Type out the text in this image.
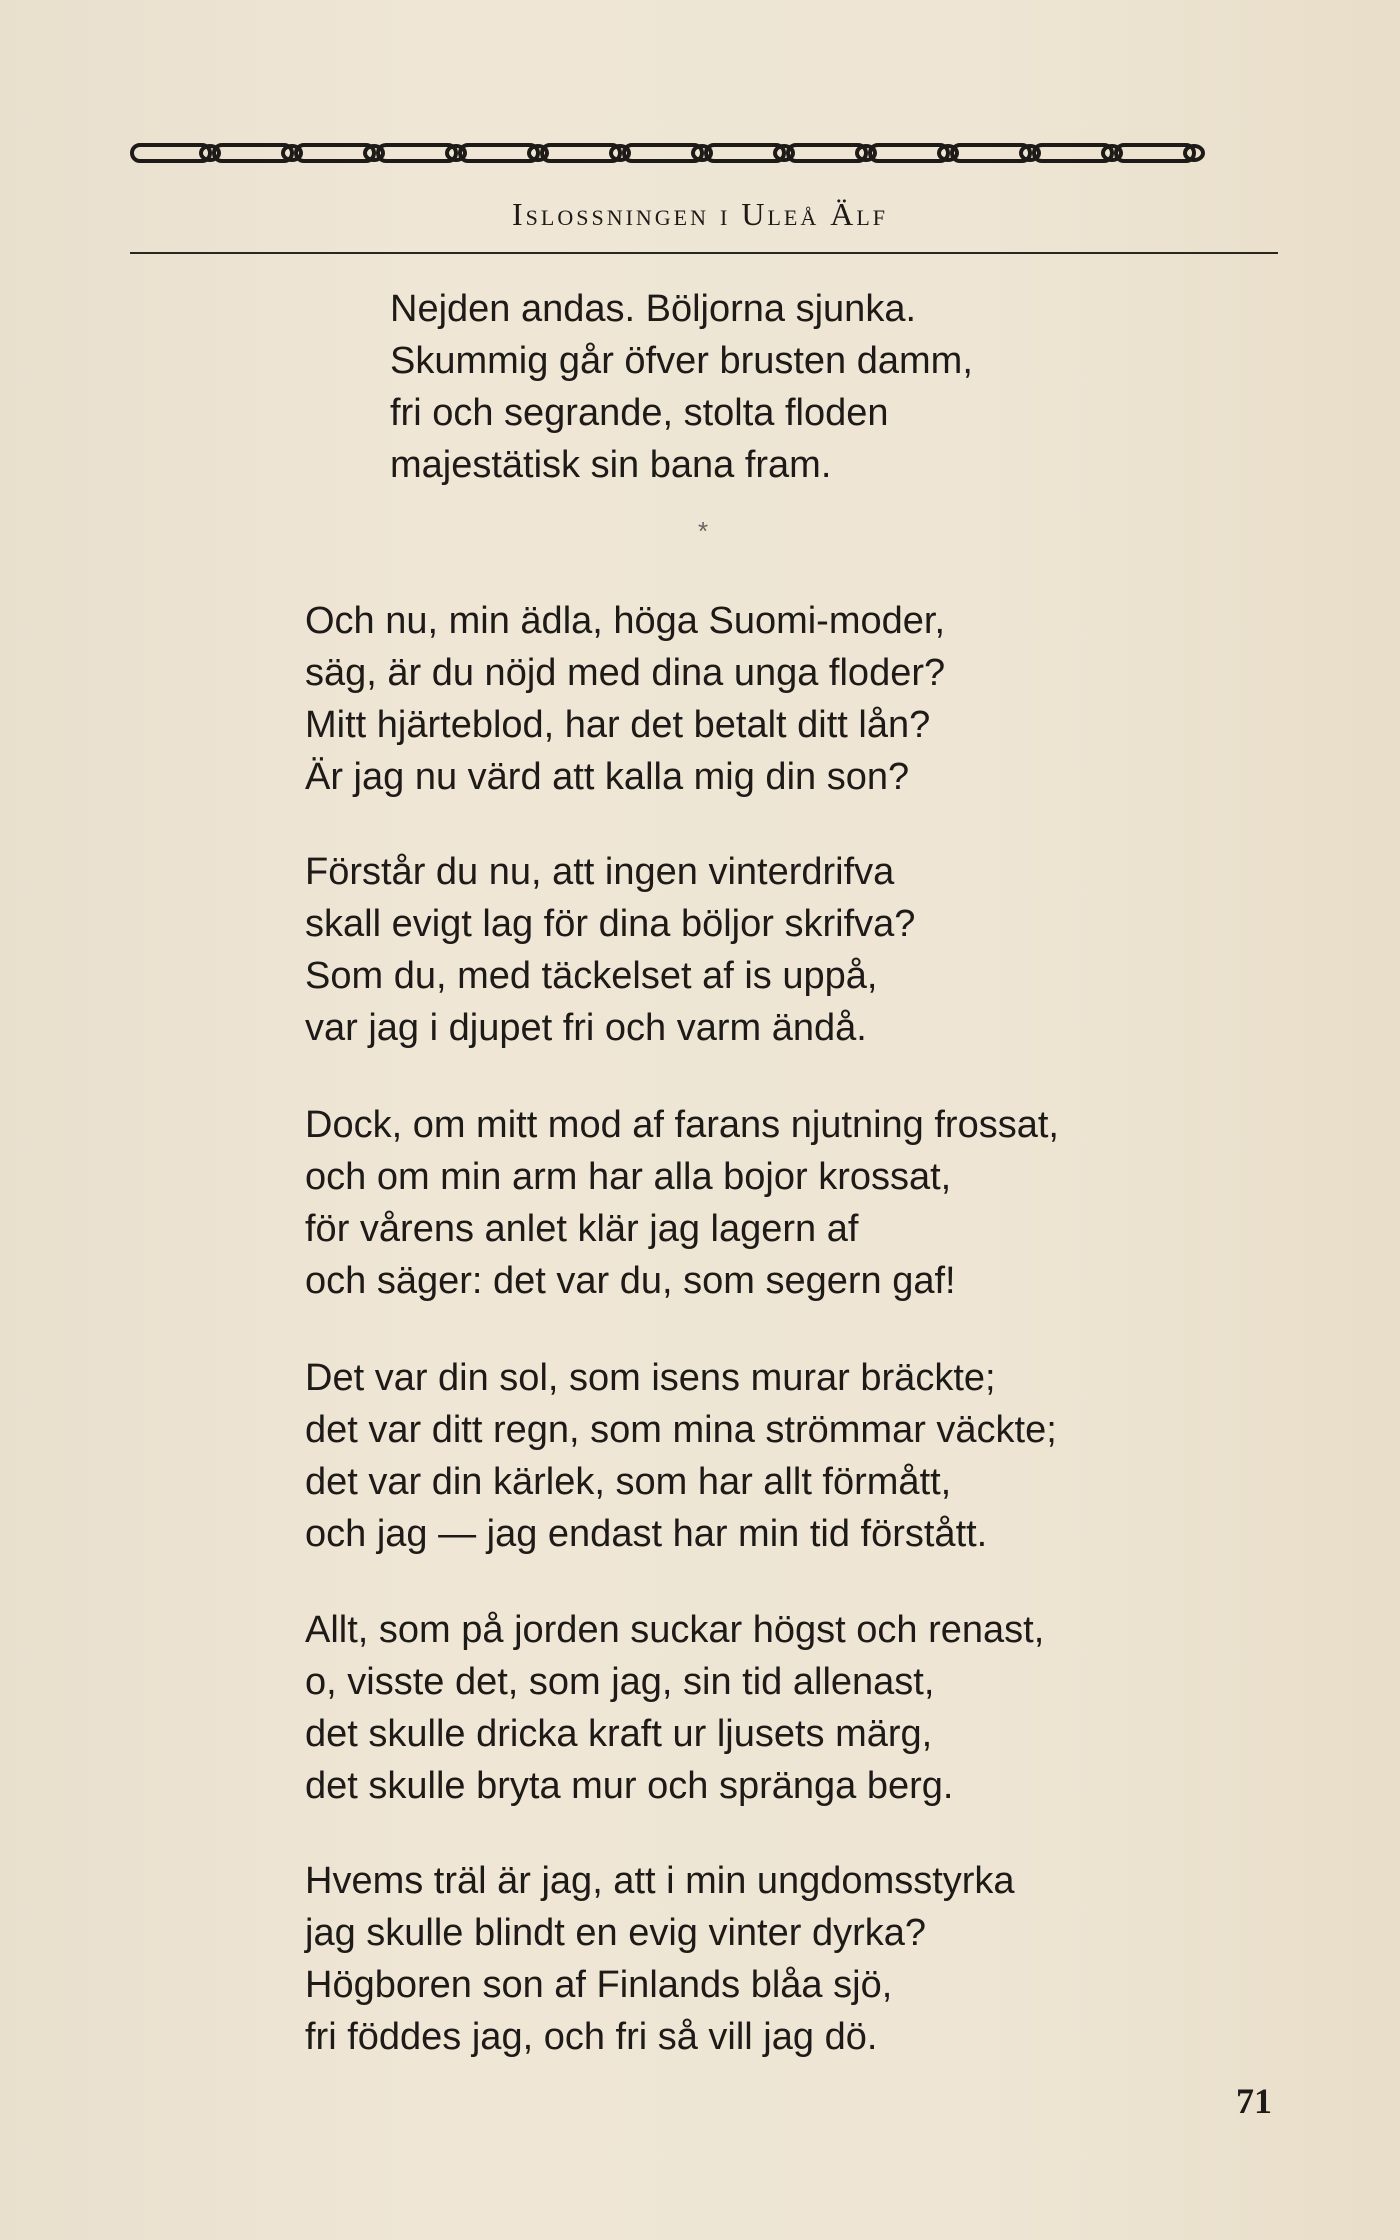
Islossningen i Uleå Älf
Nejden andas. Böljorna sjunka.
Skummig går öfver brusten damm,
fri och segrande, stolta floden
majestätisk sin bana fram.
*
Och nu, min ädla, höga Suomi-moder,
säg, är du nöjd med dina unga floder?
Mitt hjärteblod, har det betalt ditt lån?
Är jag nu värd att kalla mig din son?
Förstår du nu, att ingen vinterdrifva
skall evigt lag för dina böljor skrifva?
Som du, med täckelset af is uppå,
var jag i djupet fri och varm ändå.
Dock, om mitt mod af farans njutning frossat,
och om min arm har alla bojor krossat,
för vårens anlet klär jag lagern af
och säger: det var du, som segern gaf!
Det var din sol, som isens murar bräckte;
det var ditt regn, som mina strömmar väckte;
det var din kärlek, som har allt förmått,
och jag — jag endast har min tid förstått.
Allt, som på jorden suckar högst och renast,
o, visste det, som jag, sin tid allenast,
det skulle dricka kraft ur ljusets märg,
det skulle bryta mur och spränga berg.
Hvems träl är jag, att i min ungdomsstyrka
jag skulle blindt en evig vinter dyrka?
Högboren son af Finlands blåa sjö,
fri föddes jag, och fri så vill jag dö.
71
